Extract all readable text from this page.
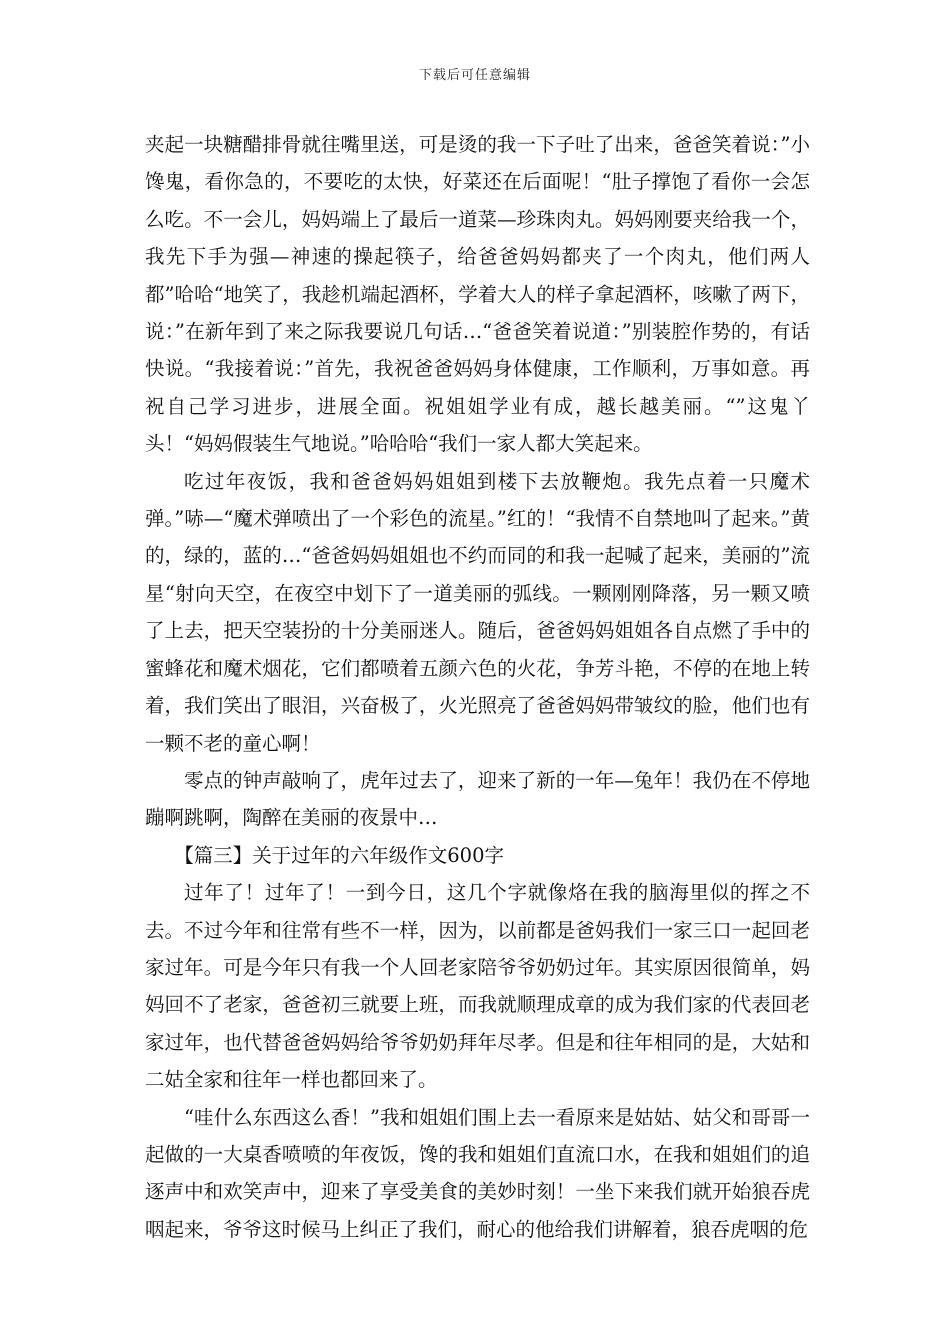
下载后可任意编辑

夹起一块糖醋排骨就往嘴里送，可是烫的我一下子吐了出来，爸爸笑着说：”小馋鬼，看你急的，不要吃的太快，好菜还在后面呢！“肚子撑饱了看你一会怎么吃。不一会儿，妈妈端上了最后一道菜—珍珠肉丸。妈妈刚要夹给我一个，我先下手为强—神速的操起筷子，给爸爸妈妈都夹了一个肉丸，他们两人都”哈哈“地笑了，我趁机端起酒杯，学着大人的样子拿起酒杯，咳嗽了两下，说：”在新年到了来之际我要说几句话…“爸爸笑着说道：”别装腔作势的，有话快说。“我接着说：”首先，我祝爸爸妈妈身体健康，工作顺利，万事如意。再祝自己学习进步，进展全面。祝姐姐学业有成，越长越美丽。“”这鬼丫头！“妈妈假装生气地说。”哈哈哈“我们一家人都大笑起来。

吃过年夜饭，我和爸爸妈妈姐姐到楼下去放鞭炮。我先点着一只魔术弹。”哧—“魔术弹喷出了一个彩色的流星。”红的！“我情不自禁地叫了起来。”黄的，绿的，蓝的…“爸爸妈妈姐姐也不约而同的和我一起喊了起来，美丽的”流星“射向天空，在夜空中划下了一道美丽的弧线。一颗刚刚降落，另一颗又喷了上去，把天空装扮的十分美丽迷人。随后，爸爸妈妈姐姐各自点燃了手中的蜜蜂花和魔术烟花，它们都喷着五颜六色的火花，争芳斗艳，不停的在地上转着，我们笑出了眼泪，兴奋极了，火光照亮了爸爸妈妈带皱纹的脸，他们也有一颗不老的童心啊！

零点的钟声敲响了，虎年过去了，迎来了新的一年—兔年！我仍在不停地蹦啊跳啊，陶醉在美丽的夜景中…

【篇三】关于过年的六年级作文600字

过年了！过年了！一到今日，这几个字就像烙在我的脑海里似的挥之不去。不过今年和往常有些不一样，因为，以前都是爸妈我们一家三口一起回老家过年。可是今年只有我一个人回老家陪爷爷奶奶过年。其实原因很简单，妈妈回不了老家，爸爸初三就要上班，而我就顺理成章的成为我们家的代表回老家过年，也代替爸爸妈妈给爷爷奶奶拜年尽孝。但是和往年相同的是，大姑和二姑全家和往年一样也都回来了。

“哇什么东西这么香！”我和姐姐们围上去一看原来是姑姑、姑父和哥哥一起做的一大桌香喷喷的年夜饭，馋的我和姐姐们直流口水，在我和姐姐们的追逐声中和欢笑声中，迎来了享受美食的美妙时刻！一坐下来我们就开始狼吞虎咽起来，爷爷这时候马上纠正了我们，耐心的他给我们讲解着，狼吞虎咽的危
